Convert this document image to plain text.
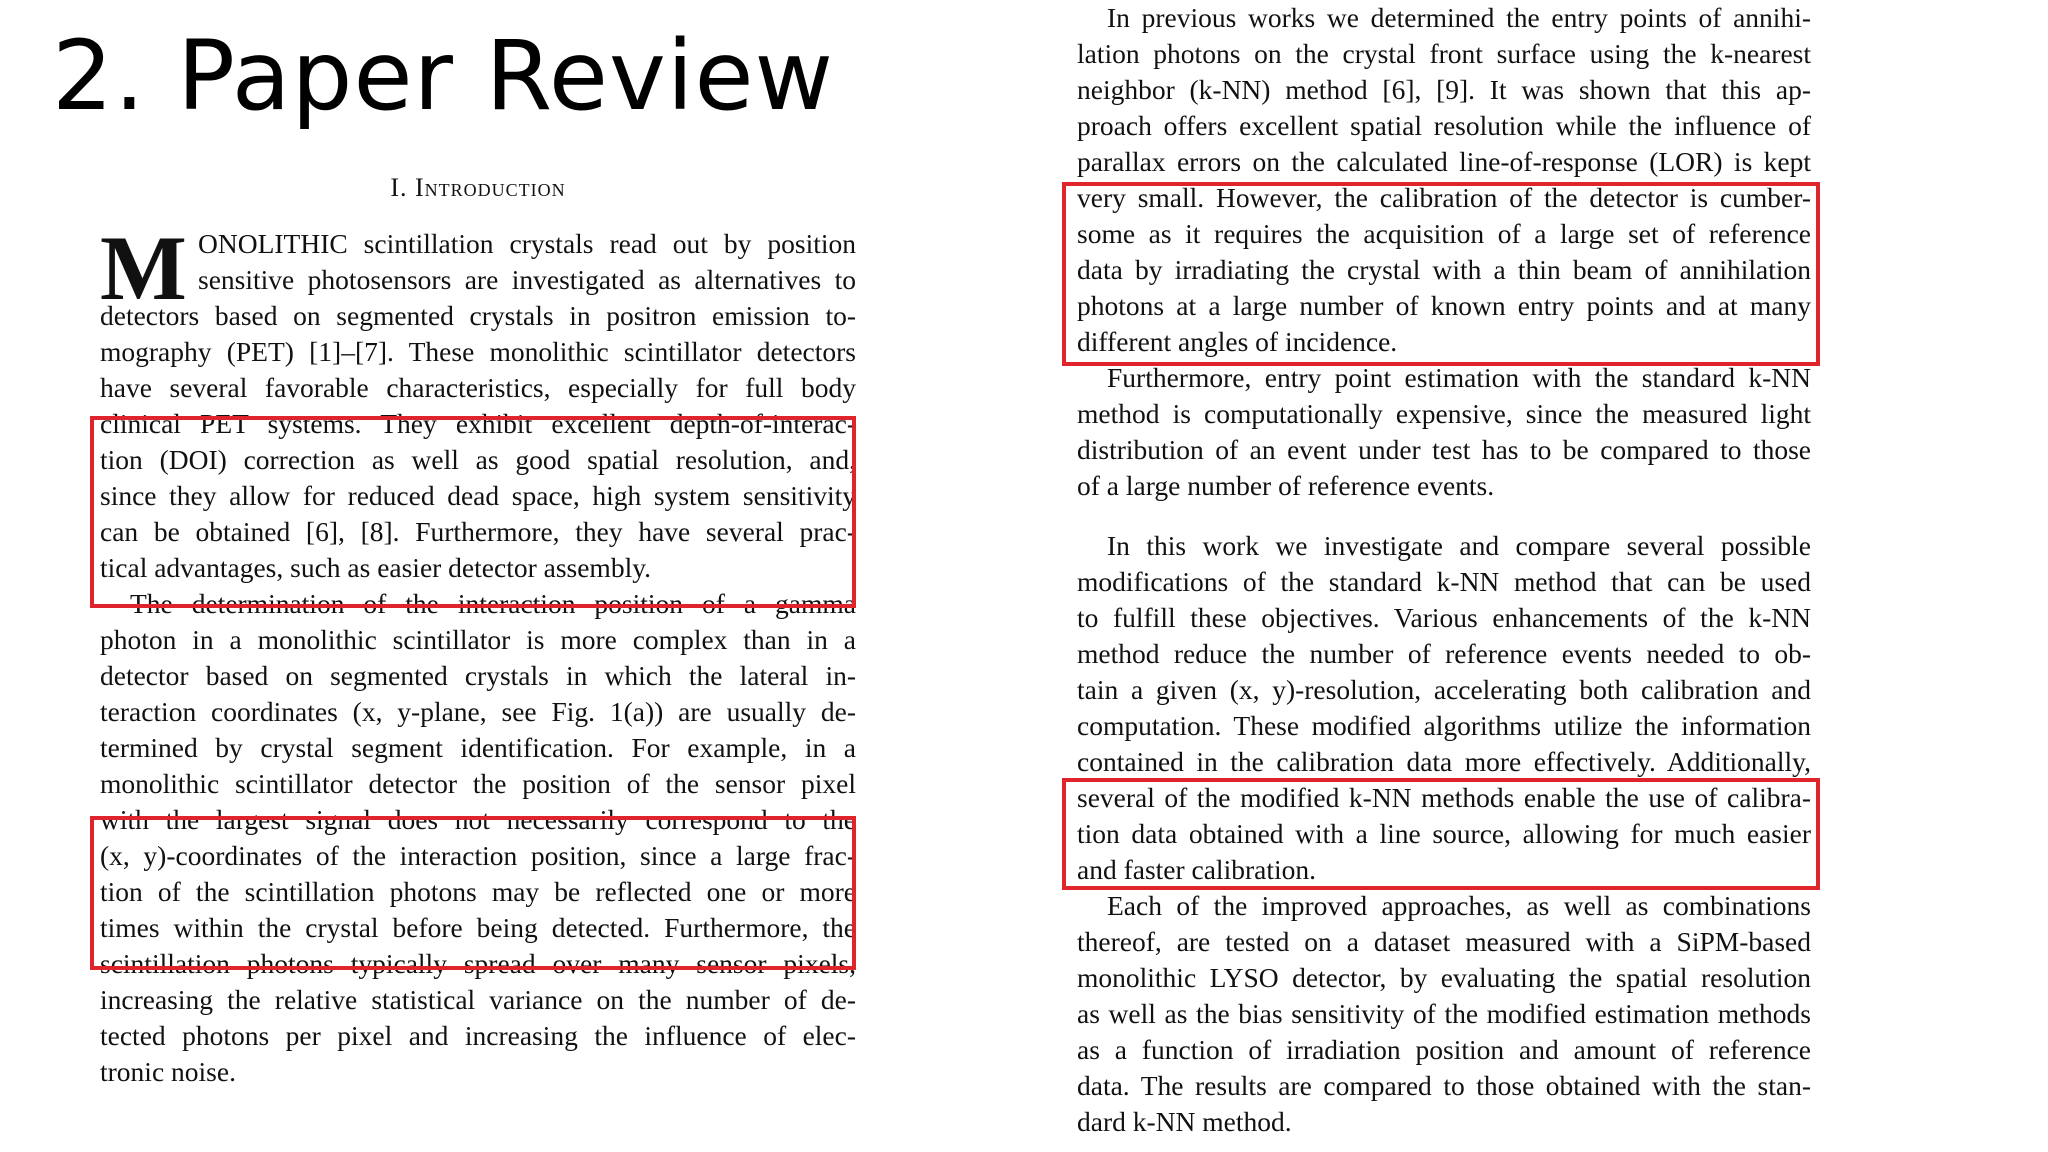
2. Paper Review
I. Introduction
M ONOLITHIC scintillation crystals read out by position
sensitive photosensors are investigated as alternatives to
detectors based on segmented crystals in positron emission to-
mography (PET) [1]–[7]. These monolithic scintillator detectors
have several favorable characteristics, especially for full body
clinical PET systems. They exhibit excellent depth-of-interac-
tion (DOI) correction as well as good spatial resolution, and,
since they allow for reduced dead space, high system sensitivity
can be obtained [6], [8]. Furthermore, they have several prac-
tical advantages, such as easier detector assembly.
The determination of the interaction position of a gamma
photon in a monolithic scintillator is more complex than in a
detector based on segmented crystals in which the lateral in-
teraction coordinates (x, y-plane, see Fig. 1(a)) are usually de-
termined by crystal segment identification. For example, in a
monolithic scintillator detector the position of the sensor pixel
with the largest signal does not necessarily correspond to the
(x, y)-coordinates of the interaction position, since a large frac-
tion of the scintillation photons may be reflected one or more
times within the crystal before being detected. Furthermore, the
scintillation photons typically spread over many sensor pixels,
increasing the relative statistical variance on the number of de-
tected photons per pixel and increasing the influence of elec-
tronic noise.
In previous works we determined the entry points of annihi-
lation photons on the crystal front surface using the k-nearest
neighbor (k-NN) method [6], [9]. It was shown that this ap-
proach offers excellent spatial resolution while the influence of
parallax errors on the calculated line-of-response (LOR) is kept
very small. However, the calibration of the detector is cumber-
some as it requires the acquisition of a large set of reference
data by irradiating the crystal with a thin beam of annihilation
photons at a large number of known entry points and at many
different angles of incidence.
Furthermore, entry point estimation with the standard k-NN
method is computationally expensive, since the measured light
distribution of an event under test has to be compared to those
of a large number of reference events.
In this work we investigate and compare several possible
modifications of the standard k-NN method that can be used
to fulfill these objectives. Various enhancements of the k-NN
method reduce the number of reference events needed to ob-
tain a given (x, y)-resolution, accelerating both calibration and
computation. These modified algorithms utilize the information
contained in the calibration data more effectively. Additionally,
several of the modified k-NN methods enable the use of calibra-
tion data obtained with a line source, allowing for much easier
and faster calibration.
Each of the improved approaches, as well as combinations
thereof, are tested on a dataset measured with a SiPM-based
monolithic LYSO detector, by evaluating the spatial resolution
as well as the bias sensitivity of the modified estimation methods
as a function of irradiation position and amount of reference
data. The results are compared to those obtained with the stan-
dard k-NN method.
